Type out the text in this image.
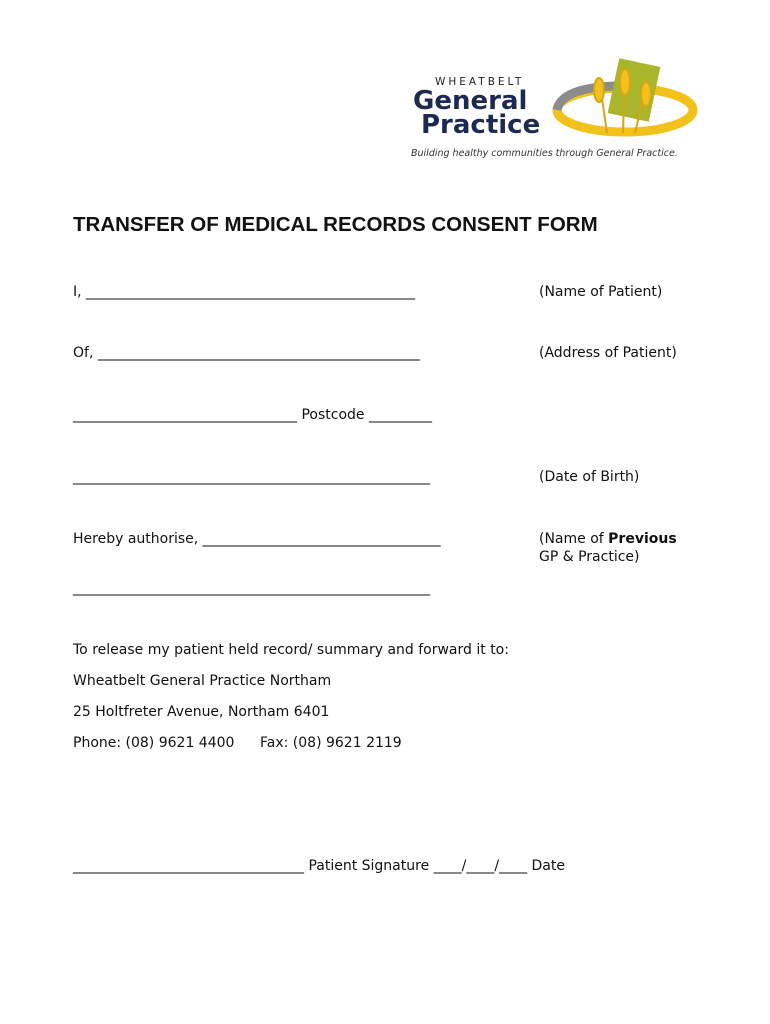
WHEATBELT
General
Practice
Building healthy communities through General Practice.
TRANSFER OF MEDICAL RECORDS CONSENT FORM
I, _______________________________________________	(Name of Patient)
Of, ______________________________________________	(Address of Patient)
________________________________ Postcode _________
___________________________________________________	(Date of Birth)
Hereby authorise, __________________________________	(Name of Previous
GP & Practice)
___________________________________________________
To release my patient held record/ summary and forward it to:
Wheatbelt General Practice Northam
25 Holtfreter Avenue, Northam 6401
Phone: (08) 9621 4400 Fax: (08) 9621 2119
_________________________________ Patient Signature ____/____/____ Date
